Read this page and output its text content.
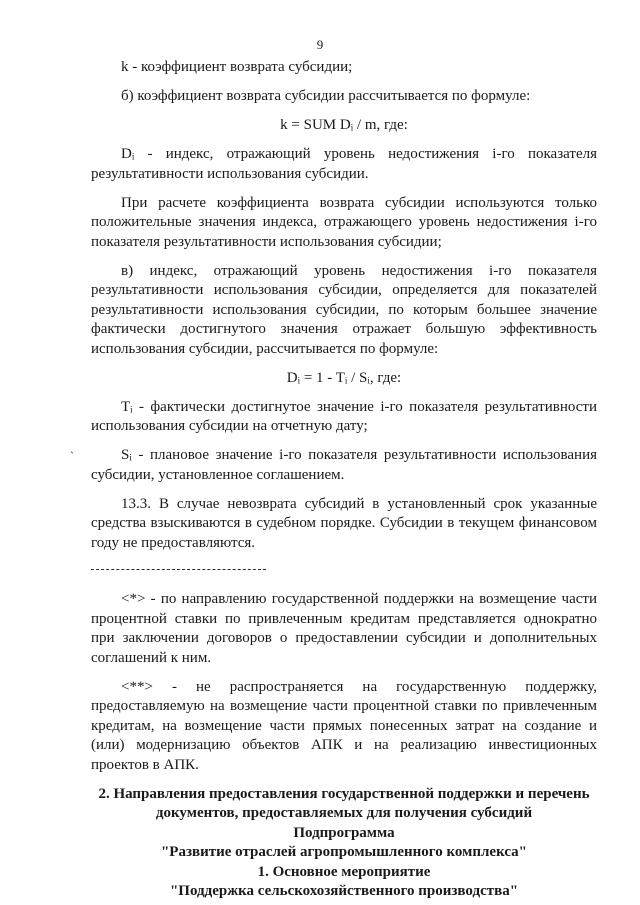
9
`

k - коэффициент возврата субсидии;

б) коэффициент возврата субсидии рассчитывается по формуле:

k = SUM Dᵢ / m, где:

Dᵢ - индекс, отражающий уровень недостижения i-го показателя результативности использования субсидии.

При расчете коэффициента возврата субсидии используются только положительные значения индекса, отражающего уровень недостижения i-го показателя результативности использования субсидии;

в) индекс, отражающий уровень недостижения i-го показателя результативности использования субсидии, определяется для показателей результативности использования субсидии, по которым большее значение фактически достигнутого значения отражает большую эффективность использования субсидии, рассчитывается по формуле:

Dᵢ = 1 - Tᵢ / Sᵢ, где:

Tᵢ - фактически достигнутое значение i-го показателя результативности использования субсидии на отчетную дату;

Sᵢ - плановое значение i-го показателя результативности использования субсидии, установленное соглашением.

13.3. В случае невозврата субсидий в установленный срок указанные средства взыскиваются в судебном порядке. Субсидии в текущем финансовом году не предоставляются.

<*> - по направлению государственной поддержки на возмещение части процентной ставки по привлеченным кредитам представляется однократно при заключении договоров о предоставлении субсидии и дополнительных соглашений к ним.

<**> - не распространяется на государственную поддержку, предоставляемую на возмещение части процентной ставки по привлеченным кредитам, на возмещение части прямых понесенных затрат на создание и (или) модернизацию объектов АПК и на реализацию инвестиционных проектов в АПК.

2. Направления предоставления государственной поддержки и перечень документов, предоставляемых для получения субсидий

Подпрограмма

"Развитие отраслей агропромышленного комплекса"

1. Основное мероприятие

"Поддержка сельскохозяйственного производства"
